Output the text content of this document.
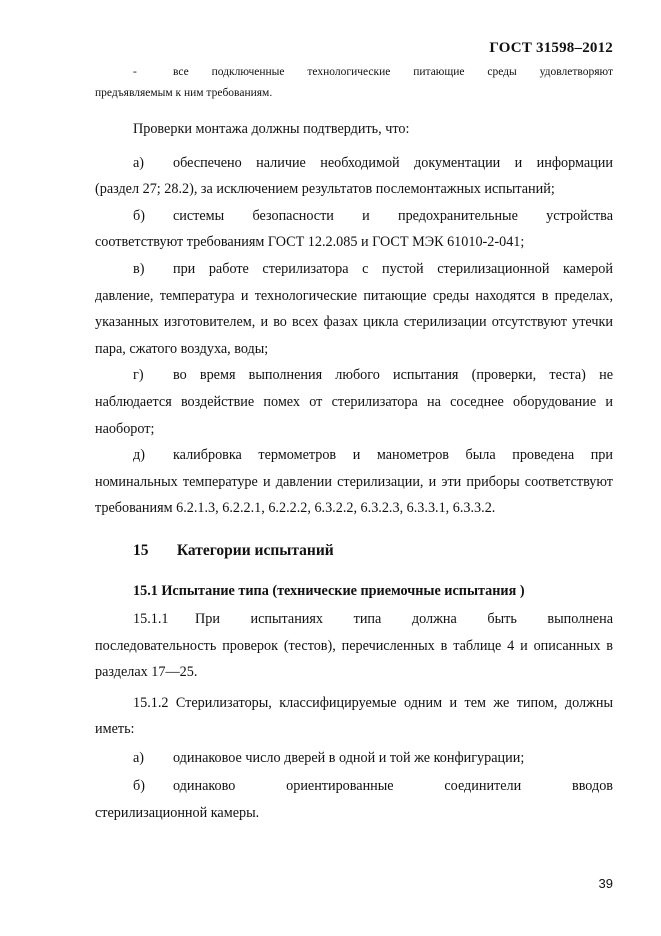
ГОСТ 31598–2012
-	все подключенные технологические питающие среды удовлетворяют
предъявляемым к ним требованиям.
Проверки монтажа должны подтвердить, что:
а)	обеспечено наличие необходимой документации и информации
(раздел 27; 28.2), за исключением результатов послемонтажных испытаний;
б)	системы безопасности и предохранительные устройства
соответствуют требованиям ГОСТ 12.2.085 и ГОСТ МЭК 61010-2-041;
в)	при работе стерилизатора с пустой стерилизационной камерой
давление, температура и технологические питающие среды находятся в пределах, указанных изготовителем, и во всех фазах цикла стерилизации отсутствуют утечки пара, сжатого воздуха, воды;
г)	во время выполнения любого испытания (проверки, теста) не
наблюдается воздействие помех от стерилизатора на соседнее оборудование и наоборот;
д)	калибровка термометров и манометров была проведена при
номинальных температуре и давлении стерилизации, и эти приборы соответствуют требованиям 6.2.1.3, 6.2.2.1, 6.2.2.2, 6.3.2.2, 6.3.2.3, 6.3.3.1, 6.3.3.2.
15 Категории испытаний
15.1 Испытание типа (технические приемочные испытания )
15.1.1	При испытаниях типа должна быть выполнена
последовательность проверок (тестов), перечисленных в таблице 4 и описанных в разделах 17—25.
15.1.2 Стерилизаторы, классифицируемые одним и тем же типом, должны иметь:
а)	одинаковое число дверей в одной и той же конфигурации;
б)	одинаково ориентированные соединители вводов
стерилизационной камеры.
39
